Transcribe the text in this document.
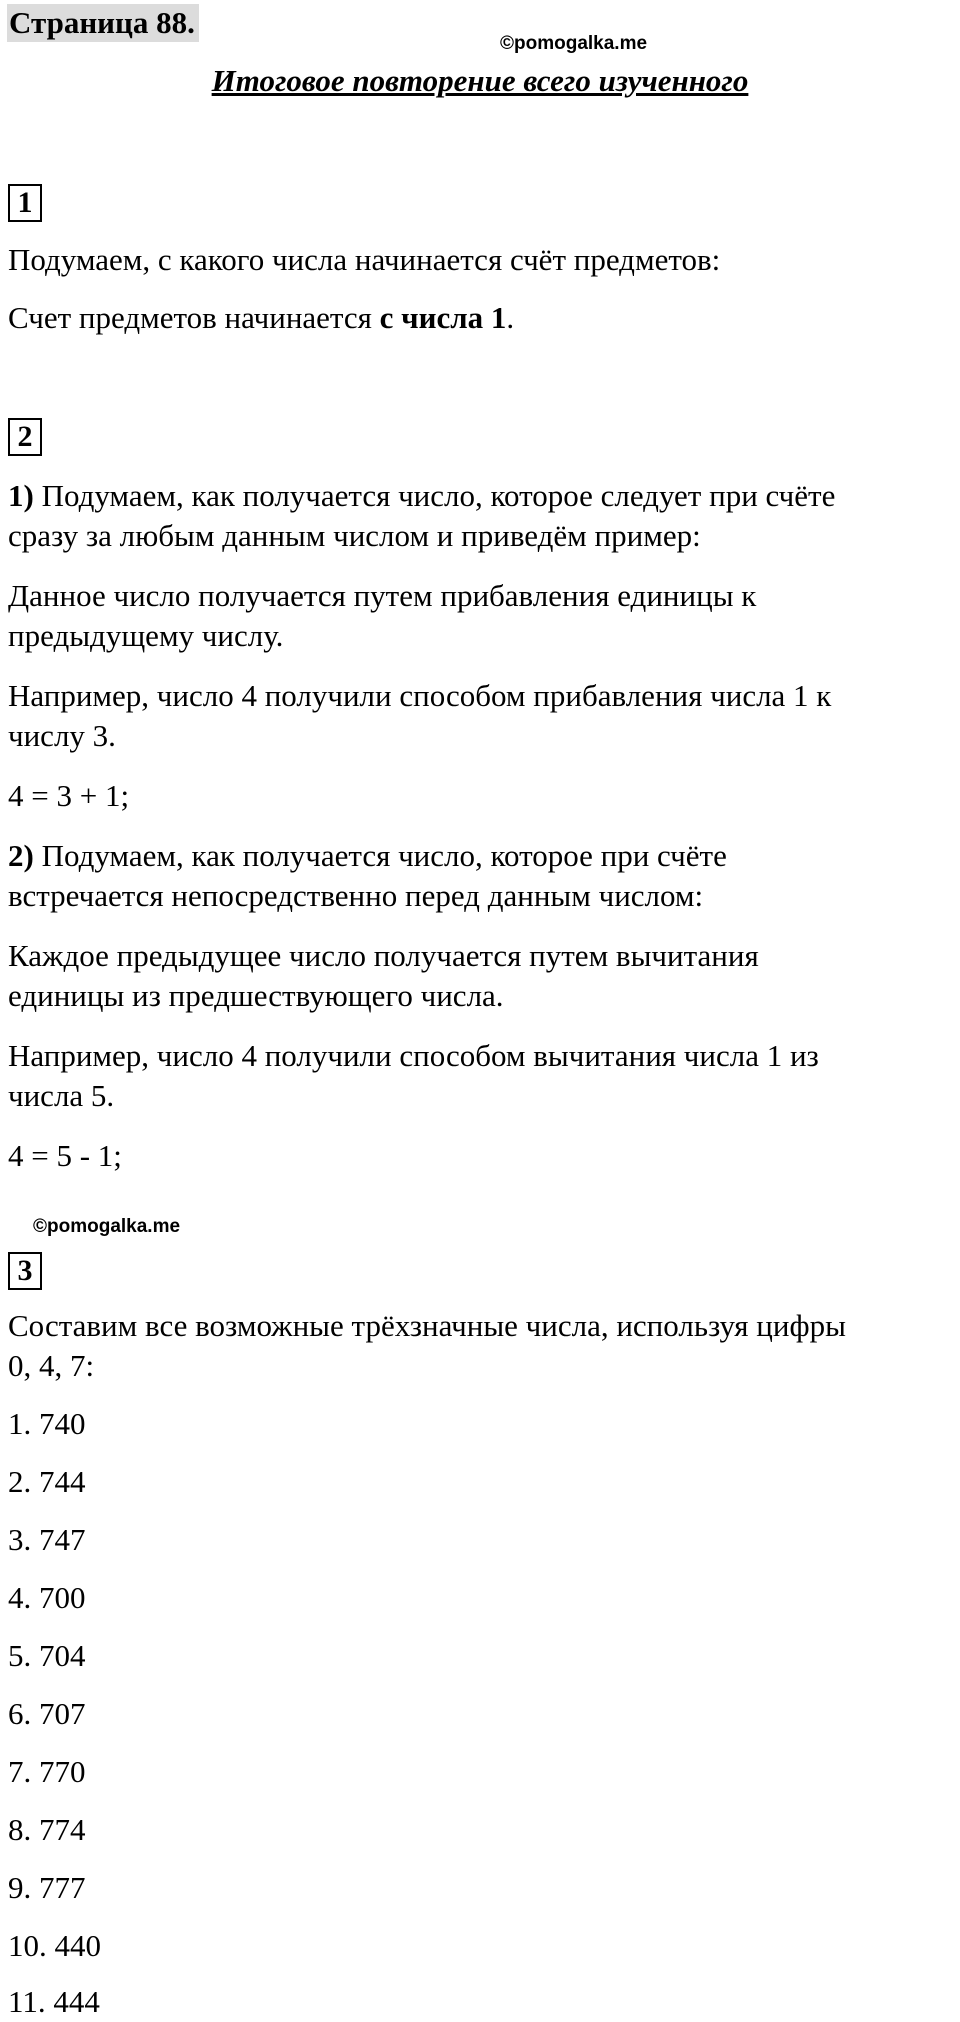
Страница 88.
©pomogalka.me
Итоговое повторение всего изученного
1

Подумаем, с какого числа начинается счёт предметов:

Счет предметов начинается с числа 1.

2

1) Подумаем, как получается число, которое следует при счёте

сразу за любым данным числом и приведём пример:

Данное число получается путем прибавления единицы к

предыдущему числу.

Например, число 4 получили способом прибавления числа 1 к

числу 3.

4 = 3 + 1;

2) Подумаем, как получается число, которое при счёте

встречается непосредственно перед данным числом:

Каждое предыдущее число получается путем вычитания

единицы из предшествующего числа.

Например, число 4 получили способом вычитания числа 1 из

числа 5.

4 = 5 - 1;

©pomogalka.me
3

Составим все возможные трёхзначные числа, используя цифры

0, 4, 7:

1. 740

2. 744

3. 747

4. 700

5. 704

6. 707

7. 770

8. 774

9. 777

10. 440

11. 444
